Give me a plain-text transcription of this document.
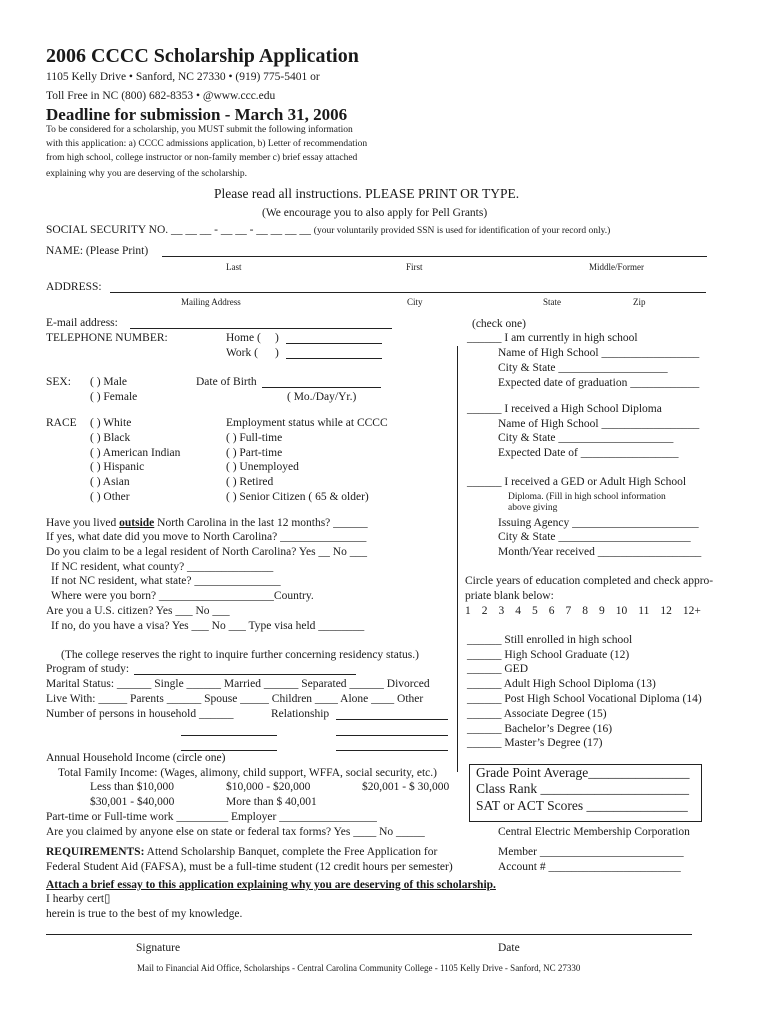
2006 CCCC Scholarship Application
1105 Kelly Drive • Sanford, NC 27330 • (919) 775-5401 or
Toll Free in NC (800) 682-8353 • @www.ccc.edu
Deadline for submission - March 31, 2006
To be considered for a scholarship, you MUST submit the following information
with this application: a) CCCC admissions application, b) Letter of recommendation
from high school, college instructor or non-family member c) brief essay attached
explaining why you are deserving of the scholarship.
Please read all instructions. PLEASE PRINT OR TYPE.
(We encourage you to also apply for Pell Grants)
SOCIAL SECURITY NO. __ __ __ - __ __ - __ __ __ __ (your voluntarily provided SSN is used for identification of your record only.)
NAME: (Please Print)
Last	First	Middle/Former
ADDRESS:
Mailing Address	City	State	Zip
E-mail address:
TELEPHONE NUMBER:	Home ( )
Work ( )
SEX: ( ) Male
( ) Female
Date of Birth
( Mo./Day/Yr.)
RACE ( ) White
( ) Black
( ) American Indian
( ) Hispanic
( ) Asian
( ) Other
Employment status while at CCCC
( ) Full-time
( ) Part-time
( ) Unemployed
( ) Retired
( ) Senior Citizen ( 65 & older)
Have you lived outside North Carolina in the last 12 months? ______
If yes, what date did you move to North Carolina? _______________
Do you claim to be a legal resident of North Carolina? Yes __ No ___
If NC resident, what county? _______________
If not NC resident, what state? _______________
Where were you born? ____________________Country.
Are you a U.S. citizen? Yes ___ No ___
If no, do you have a visa? Yes ___ No ___ Type visa held ________
(The college reserves the right to inquire further concerning residency status.)
Program of study:
Marital Status: ______ Single ______ Married ______ Separated ______ Divorced
Live With: _____ Parents ______ Spouse _____ Children ____ Alone ____ Other
Number of persons in household ______	Relationship
Annual Household Income (circle one)
Total Family Income: (Wages, alimony, child support, WFFA, social security, etc.)
Less than $10,000	$10,000 - $20,000	$20,001 - $ 30,000
$30,001 - $40,000	More than $ 40,001
Part-time or Full-time work _________ Employer _________________
Are you claimed by anyone else on state or federal tax forms? Yes ____ No _____
REQUIREMENTS: Attend Scholarship Banquet, complete the Free Application for
Federal Student Aid (FAFSA), must be a full-time student (12 credit hours per semester)
Attach a brief essay to this application explaining why you are deserving of this scholarship.
I hearby cert▯
herein is true to the best of my knowledge.
Signature	Date
Mail to Financial Aid Office, Scholarships - Central Carolina Community College - 1105 Kelly Drive - Sanford, NC 27330
(check one)
______ I am currently in high school
Name of High School _________________
City & State ___________________
Expected date of graduation ____________
______ I received a High School Diploma
Name of High School _________________
City & State ____________________
Expected Date of _________________
______ I received a GED or Adult High School
Diploma. (Fill in high school information
above giving
Issuing Agency ______________________
City & State _______________________
Month/Year received __________________
Circle years of education completed and check appro-
priate blank below:
1 2 3 4 5 6 7 8 9 10 11 12 12+
______ Still enrolled in high school
______ High School Graduate (12)
______ GED
______ Adult High School Diploma (13)
______ Post High School Vocational Diploma (14)
______ Associate Degree (15)
______ Bachelor’s Degree (16)
______ Master’s Degree (17)
Grade Point Average_______________
Class Rank ______________________
SAT or ACT Scores _______________
Central Electric Membership Corporation
Member _________________________
Account # _______________________
